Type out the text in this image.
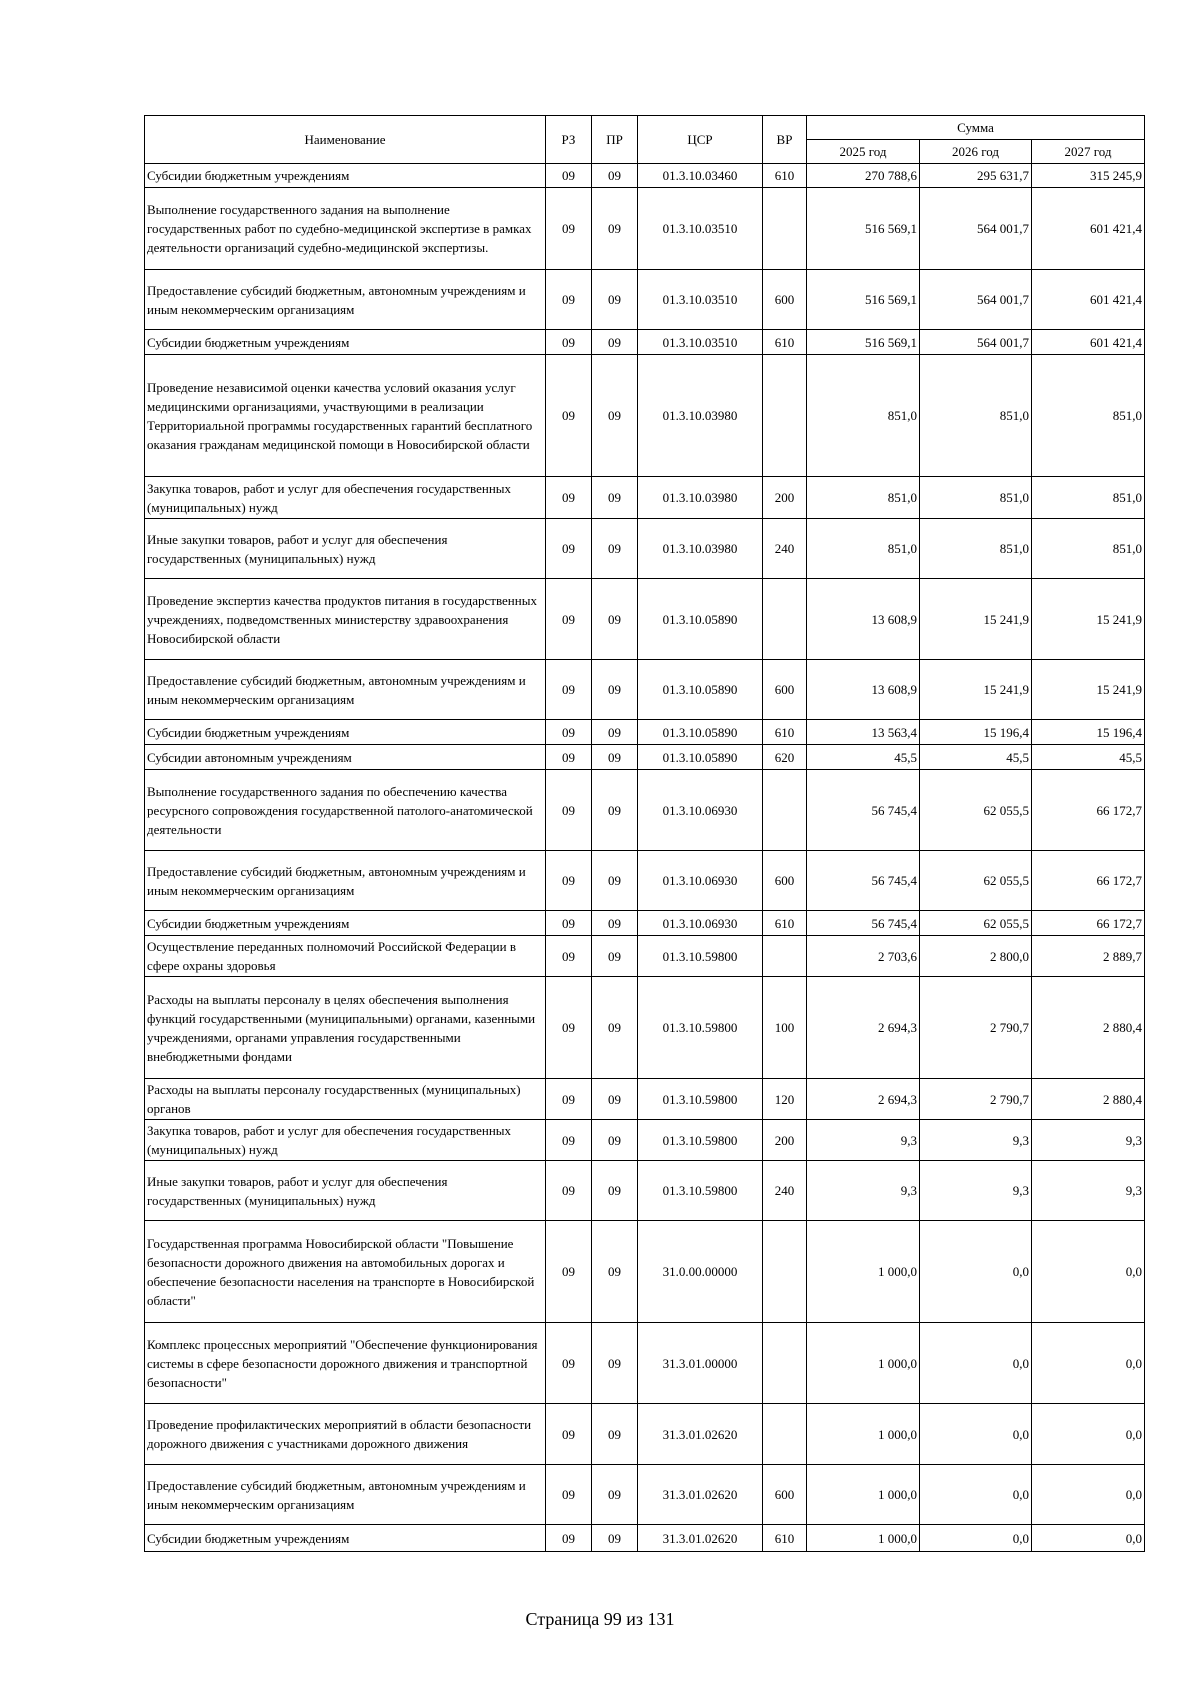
Наименование	РЗ	ПР	ЦСР	ВР	Сумма		
					2025 год	2026 год	2027 год
Субсидии бюджетным учреждениям	09	09	01.3.10.03460	610	270 788,6	295 631,7	315 245,9
Выполнение государственного задания на выполнение государственных работ по судебно-медицинской экспертизе в рамках деятельности организаций судебно-медицинской экспертизы.	09	09	01.3.10.03510		516 569,1	564 001,7	601 421,4
Предоставление субсидий бюджетным, автономным учреждениям и иным некоммерческим организациям	09	09	01.3.10.03510	600	516 569,1	564 001,7	601 421,4
Субсидии бюджетным учреждениям	09	09	01.3.10.03510	610	516 569,1	564 001,7	601 421,4
Проведение независимой оценки качества условий оказания услуг медицинскими организациями, участвующими в реализации Территориальной программы государственных гарантий бесплатного оказания гражданам медицинской помощи в Новосибирской области	09	09	01.3.10.03980		851,0	851,0	851,0
Закупка товаров, работ и услуг для обеспечения государственных (муниципальных) нужд	09	09	01.3.10.03980	200	851,0	851,0	851,0
Иные закупки товаров, работ и услуг для обеспечения государственных (муниципальных) нужд	09	09	01.3.10.03980	240	851,0	851,0	851,0
Проведение экспертиз качества продуктов питания в государственных учреждениях, подведомственных министерству здравоохранения Новосибирской области	09	09	01.3.10.05890		13 608,9	15 241,9	15 241,9
Предоставление субсидий бюджетным, автономным учреждениям и иным некоммерческим организациям	09	09	01.3.10.05890	600	13 608,9	15 241,9	15 241,9
Субсидии бюджетным учреждениям	09	09	01.3.10.05890	610	13 563,4	15 196,4	15 196,4
Субсидии автономным учреждениям	09	09	01.3.10.05890	620	45,5	45,5	45,5
Выполнение государственного задания по обеспечению качества ресурсного сопровождения государственной патолого-анатомической деятельности	09	09	01.3.10.06930		56 745,4	62 055,5	66 172,7
Предоставление субсидий бюджетным, автономным учреждениям и иным некоммерческим организациям	09	09	01.3.10.06930	600	56 745,4	62 055,5	66 172,7
Субсидии бюджетным учреждениям	09	09	01.3.10.06930	610	56 745,4	62 055,5	66 172,7
Осуществление переданных полномочий Российской Федерации в сфере охраны здоровья	09	09	01.3.10.59800		2 703,6	2 800,0	2 889,7
Расходы на выплаты персоналу в целях обеспечения выполнения функций государственными (муниципальными) органами, казенными учреждениями, органами управления государственными внебюджетными фондами	09	09	01.3.10.59800	100	2 694,3	2 790,7	2 880,4
Расходы на выплаты персоналу государственных (муниципальных) органов	09	09	01.3.10.59800	120	2 694,3	2 790,7	2 880,4
Закупка товаров, работ и услуг для обеспечения государственных (муниципальных) нужд	09	09	01.3.10.59800	200	9,3	9,3	9,3
Иные закупки товаров, работ и услуг для обеспечения государственных (муниципальных) нужд	09	09	01.3.10.59800	240	9,3	9,3	9,3
Государственная программа Новосибирской области "Повышение безопасности дорожного движения на автомобильных дорогах и обеспечение безопасности населения на транспорте в Новосибирской области"	09	09	31.0.00.00000		1 000,0	0,0	0,0
Комплекс процессных мероприятий "Обеспечение функционирования системы в сфере безопасности дорожного движения и транспортной безопасности"	09	09	31.3.01.00000		1 000,0	0,0	0,0
Проведение профилактических мероприятий в области безопасности дорожного движения с участниками дорожного движения	09	09	31.3.01.02620		1 000,0	0,0	0,0
Предоставление субсидий бюджетным, автономным учреждениям и иным некоммерческим организациям	09	09	31.3.01.02620	600	1 000,0	0,0	0,0
Субсидии бюджетным учреждениям	09	09	31.3.01.02620	610	1 000,0	0,0	0,0
Страница 99 из 131
